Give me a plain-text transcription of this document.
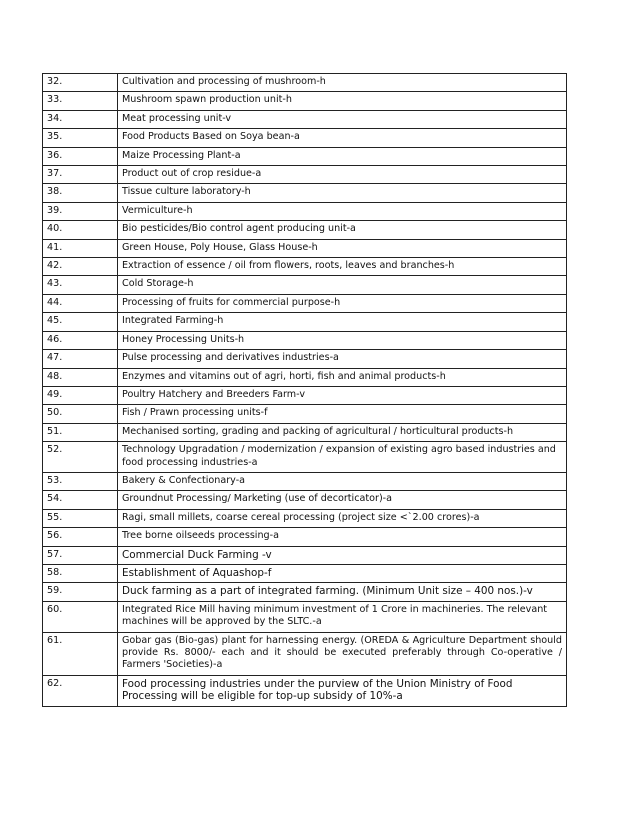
32.	Cultivation and processing of mushroom-h
33.	Mushroom spawn production unit-h
34.	Meat processing unit-v
35.	Food Products Based on Soya bean-a
36.	Maize Processing Plant-a
37.	Product out of crop residue-a
38.	Tissue culture laboratory-h
39.	Vermiculture-h
40.	Bio pesticides/Bio control agent producing unit-a
41.	Green House, Poly House, Glass House-h
42.	Extraction of essence / oil from flowers, roots, leaves and branches-h
43.	Cold Storage-h
44.	Processing of fruits for commercial purpose-h
45.	Integrated Farming-h
46.	Honey Processing Units-h
47.	Pulse processing and derivatives industries-a
48.	Enzymes and vitamins out of agri, horti, fish and animal products-h
49.	Poultry Hatchery and Breeders Farm-v
50.	Fish / Prawn processing units-f
51.	Mechanised sorting, grading and packing of agricultural / horticultural products-h
52.	Technology Upgradation / modernization / expansion of existing agro based industries and food processing industries-a
53.	Bakery & Confectionary-a
54.	Groundnut Processing/ Marketing (use of decorticator)-a
55.	Ragi, small millets, coarse cereal processing (project size <`2.00 crores)-a
56.	Tree borne oilseeds processing-a
57.	Commercial Duck Farming -v
58.	Establishment of Aquashop-f
59.	Duck farming as a part of integrated farming. (Minimum Unit size – 400 nos.)-v
60.	Integrated Rice Mill having minimum investment of 1 Crore in machineries. The relevant machines will be approved by the SLTC.-a
61.	Gobar gas (Bio-gas) plant for harnessing energy. (OREDA & Agriculture Department should provide Rs. 8000/- each and it should be executed preferably through Co-operative / Farmers 'Societies)-a
62.	Food processing industries under the purview of the Union Ministry of Food Processing will be eligible for top-up subsidy of 10%-a
